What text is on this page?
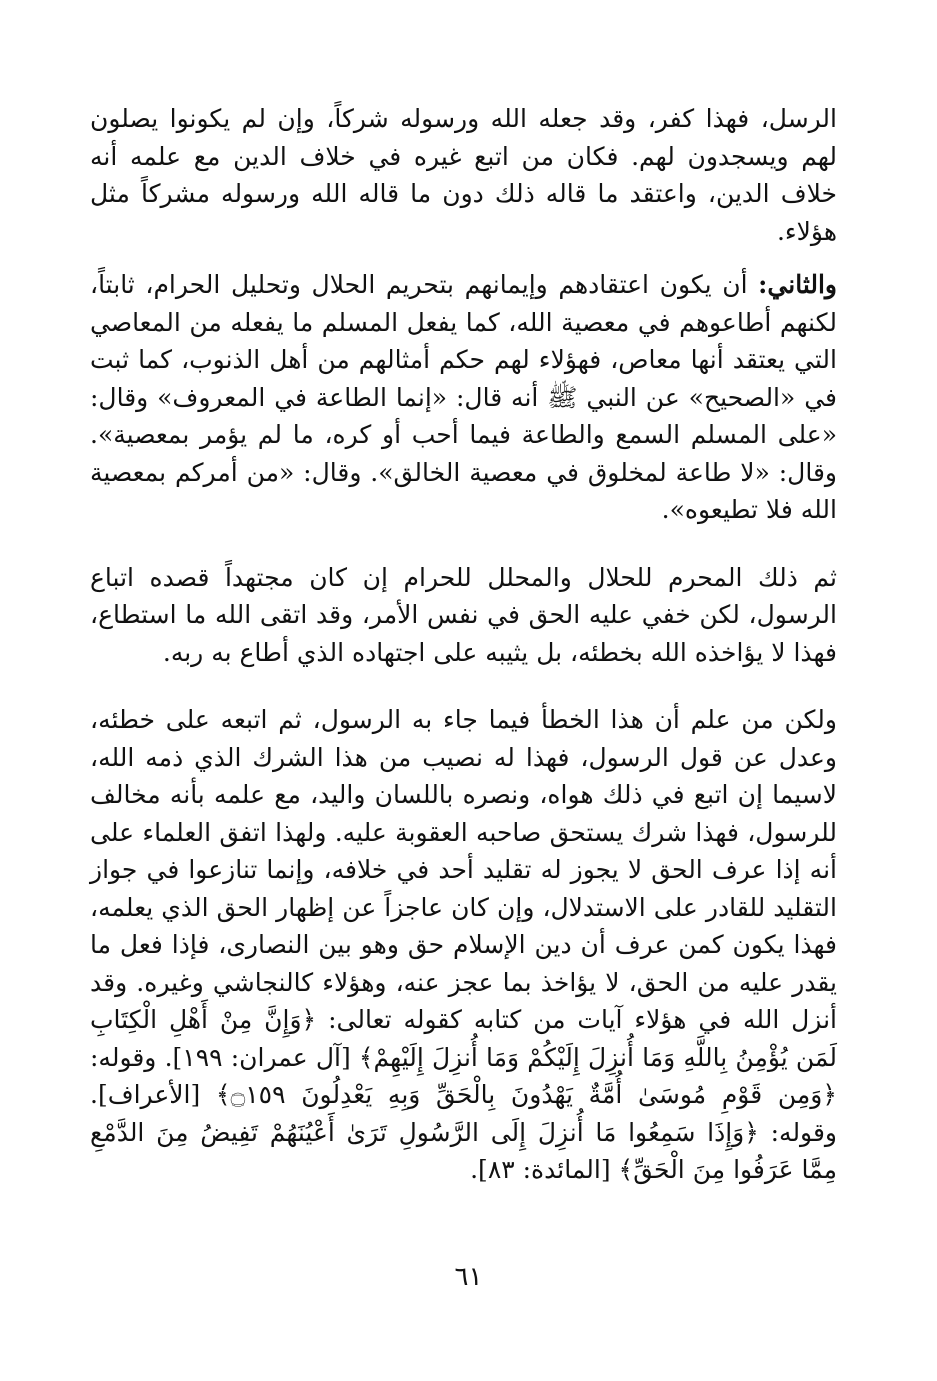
الرسل، فهذا كفر، وقد جعله الله ورسوله شركاً، وإن لم يكونوا يصلون لهم ويسجدون لهم. فكان من اتبع غيره في خلاف الدين مع علمه أنه خلاف الدين، واعتقد ما قاله ذلك دون ما قاله الله ورسوله مشركاً مثل هؤلاء.

والثاني: أن يكون اعتقادهم وإيمانهم بتحريم الحلال وتحليل الحرام، ثابتاً، لكنهم أطاعوهم في معصية الله، كما يفعل المسلم ما يفعله من المعاصي التي يعتقد أنها معاص، فهؤلاء لهم حكم أمثالهم من أهل الذنوب، كما ثبت في «الصحيح» عن النبي ﷺ أنه قال: «إنما الطاعة في المعروف» وقال: «على المسلم السمع والطاعة فيما أحب أو كره، ما لم يؤمر بمعصية». وقال: «لا طاعة لمخلوق في معصية الخالق». وقال: «من أمركم بمعصية الله فلا تطيعوه».

ثم ذلك المحرم للحلال والمحلل للحرام إن كان مجتهداً قصده اتباع الرسول، لكن خفي عليه الحق في نفس الأمر، وقد اتقى الله ما استطاع، فهذا لا يؤاخذه الله بخطئه، بل يثيبه على اجتهاده الذي أطاع به ربه.

ولكن من علم أن هذا الخطأ فيما جاء به الرسول، ثم اتبعه على خطئه، وعدل عن قول الرسول، فهذا له نصيب من هذا الشرك الذي ذمه الله، لاسيما إن اتبع في ذلك هواه، ونصره باللسان واليد، مع علمه بأنه مخالف للرسول، فهذا شرك يستحق صاحبه العقوبة عليه. ولهذا اتفق العلماء على أنه إذا عرف الحق لا يجوز له تقليد أحد في خلافه، وإنما تنازعوا في جواز التقليد للقادر على الاستدلال، وإن كان عاجزاً عن إظهار الحق الذي يعلمه، فهذا يكون كمن عرف أن دين الإسلام حق وهو بين النصارى، فإذا فعل ما يقدر عليه من الحق، لا يؤاخذ بما عجز عنه، وهؤلاء كالنجاشي وغيره. وقد أنزل الله في هؤلاء آيات من كتابه كقوله تعالى: ﴿وَإِنَّ مِنْ أَهْلِ الْكِتَابِ لَمَن يُؤْمِنُ بِاللَّهِ وَمَا أُنزِلَ إِلَيْكُمْ وَمَا أُنزِلَ إِلَيْهِمْ﴾ [آل عمران: ١٩٩]. وقوله: ﴿وَمِن قَوْمِ مُوسَىٰ أُمَّةٌ يَهْدُونَ بِالْحَقِّ وَبِهِ يَعْدِلُونَ ۝١٥٩﴾ [الأعراف]. وقوله: ﴿وَإِذَا سَمِعُوا مَا أُنزِلَ إِلَى الرَّسُولِ تَرَىٰ أَعْيُنَهُمْ تَفِيضُ مِنَ الدَّمْعِ مِمَّا عَرَفُوا مِنَ الْحَقِّ﴾ [المائدة: ٨٣].

٦١
